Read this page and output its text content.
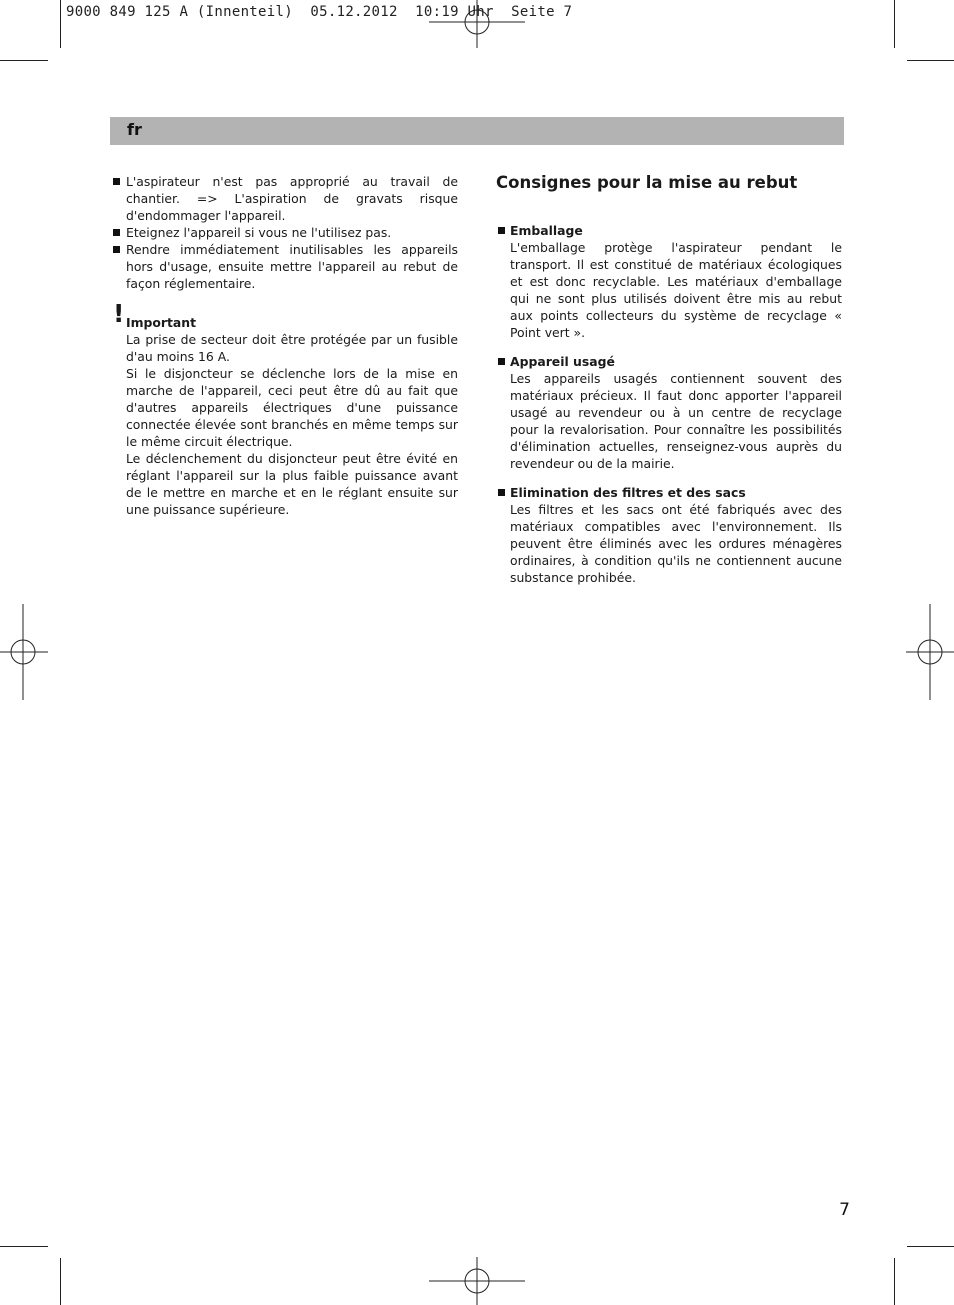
9000 849 125 A (Innenteil)  05.12.2012  10:19 Uhr  Seite 7
fr
L'aspirateur n'est pas approprié au travail de chantier. => L'aspiration de gravats risque d'endommager l'appareil.
Eteignez l'appareil si vous ne l'utilisez pas.
Rendre immédiatement inutilisables les appareils hors d'usage, ensuite mettre l'appareil au rebut de façon réglementaire.
! Important
La prise de secteur doit être protégée par un fusible d'au moins 16 A.
Si le disjoncteur se déclenche lors de la mise en marche de l'appareil, ceci peut être dû au fait que d'autres appareils électriques d'une puissance connectée élevée sont branchés en même temps sur le même circuit électrique.
Le déclenchement du disjoncteur peut être évité en réglant l'appareil sur la plus faible puissance avant de le mettre en marche et en le réglant ensuite sur une puissance supérieure.
Consignes pour la mise au rebut
Emballage
L'emballage protège l'aspirateur pendant le transport. Il est constitué de matériaux écologiques et est donc recyclable. Les matériaux d'emballage qui ne sont plus utilisés doivent être mis au rebut aux points collecteurs du système de recyclage « Point vert ».
Appareil usagé
Les appareils usagés contiennent souvent des matériaux précieux. Il faut donc apporter l'appareil usagé au revendeur ou à un centre de recyclage pour la revalorisation. Pour connaître les possibilités d'élimination actuelles, renseignez-vous auprès du revendeur ou de la mairie.
Elimination des filtres et des sacs
Les filtres et les sacs ont été fabriqués avec des matériaux compatibles avec l'environnement. Ils peuvent être éliminés avec les ordures ménagères ordinaires, à condition qu'ils ne contiennent aucune substance prohibée.
7
